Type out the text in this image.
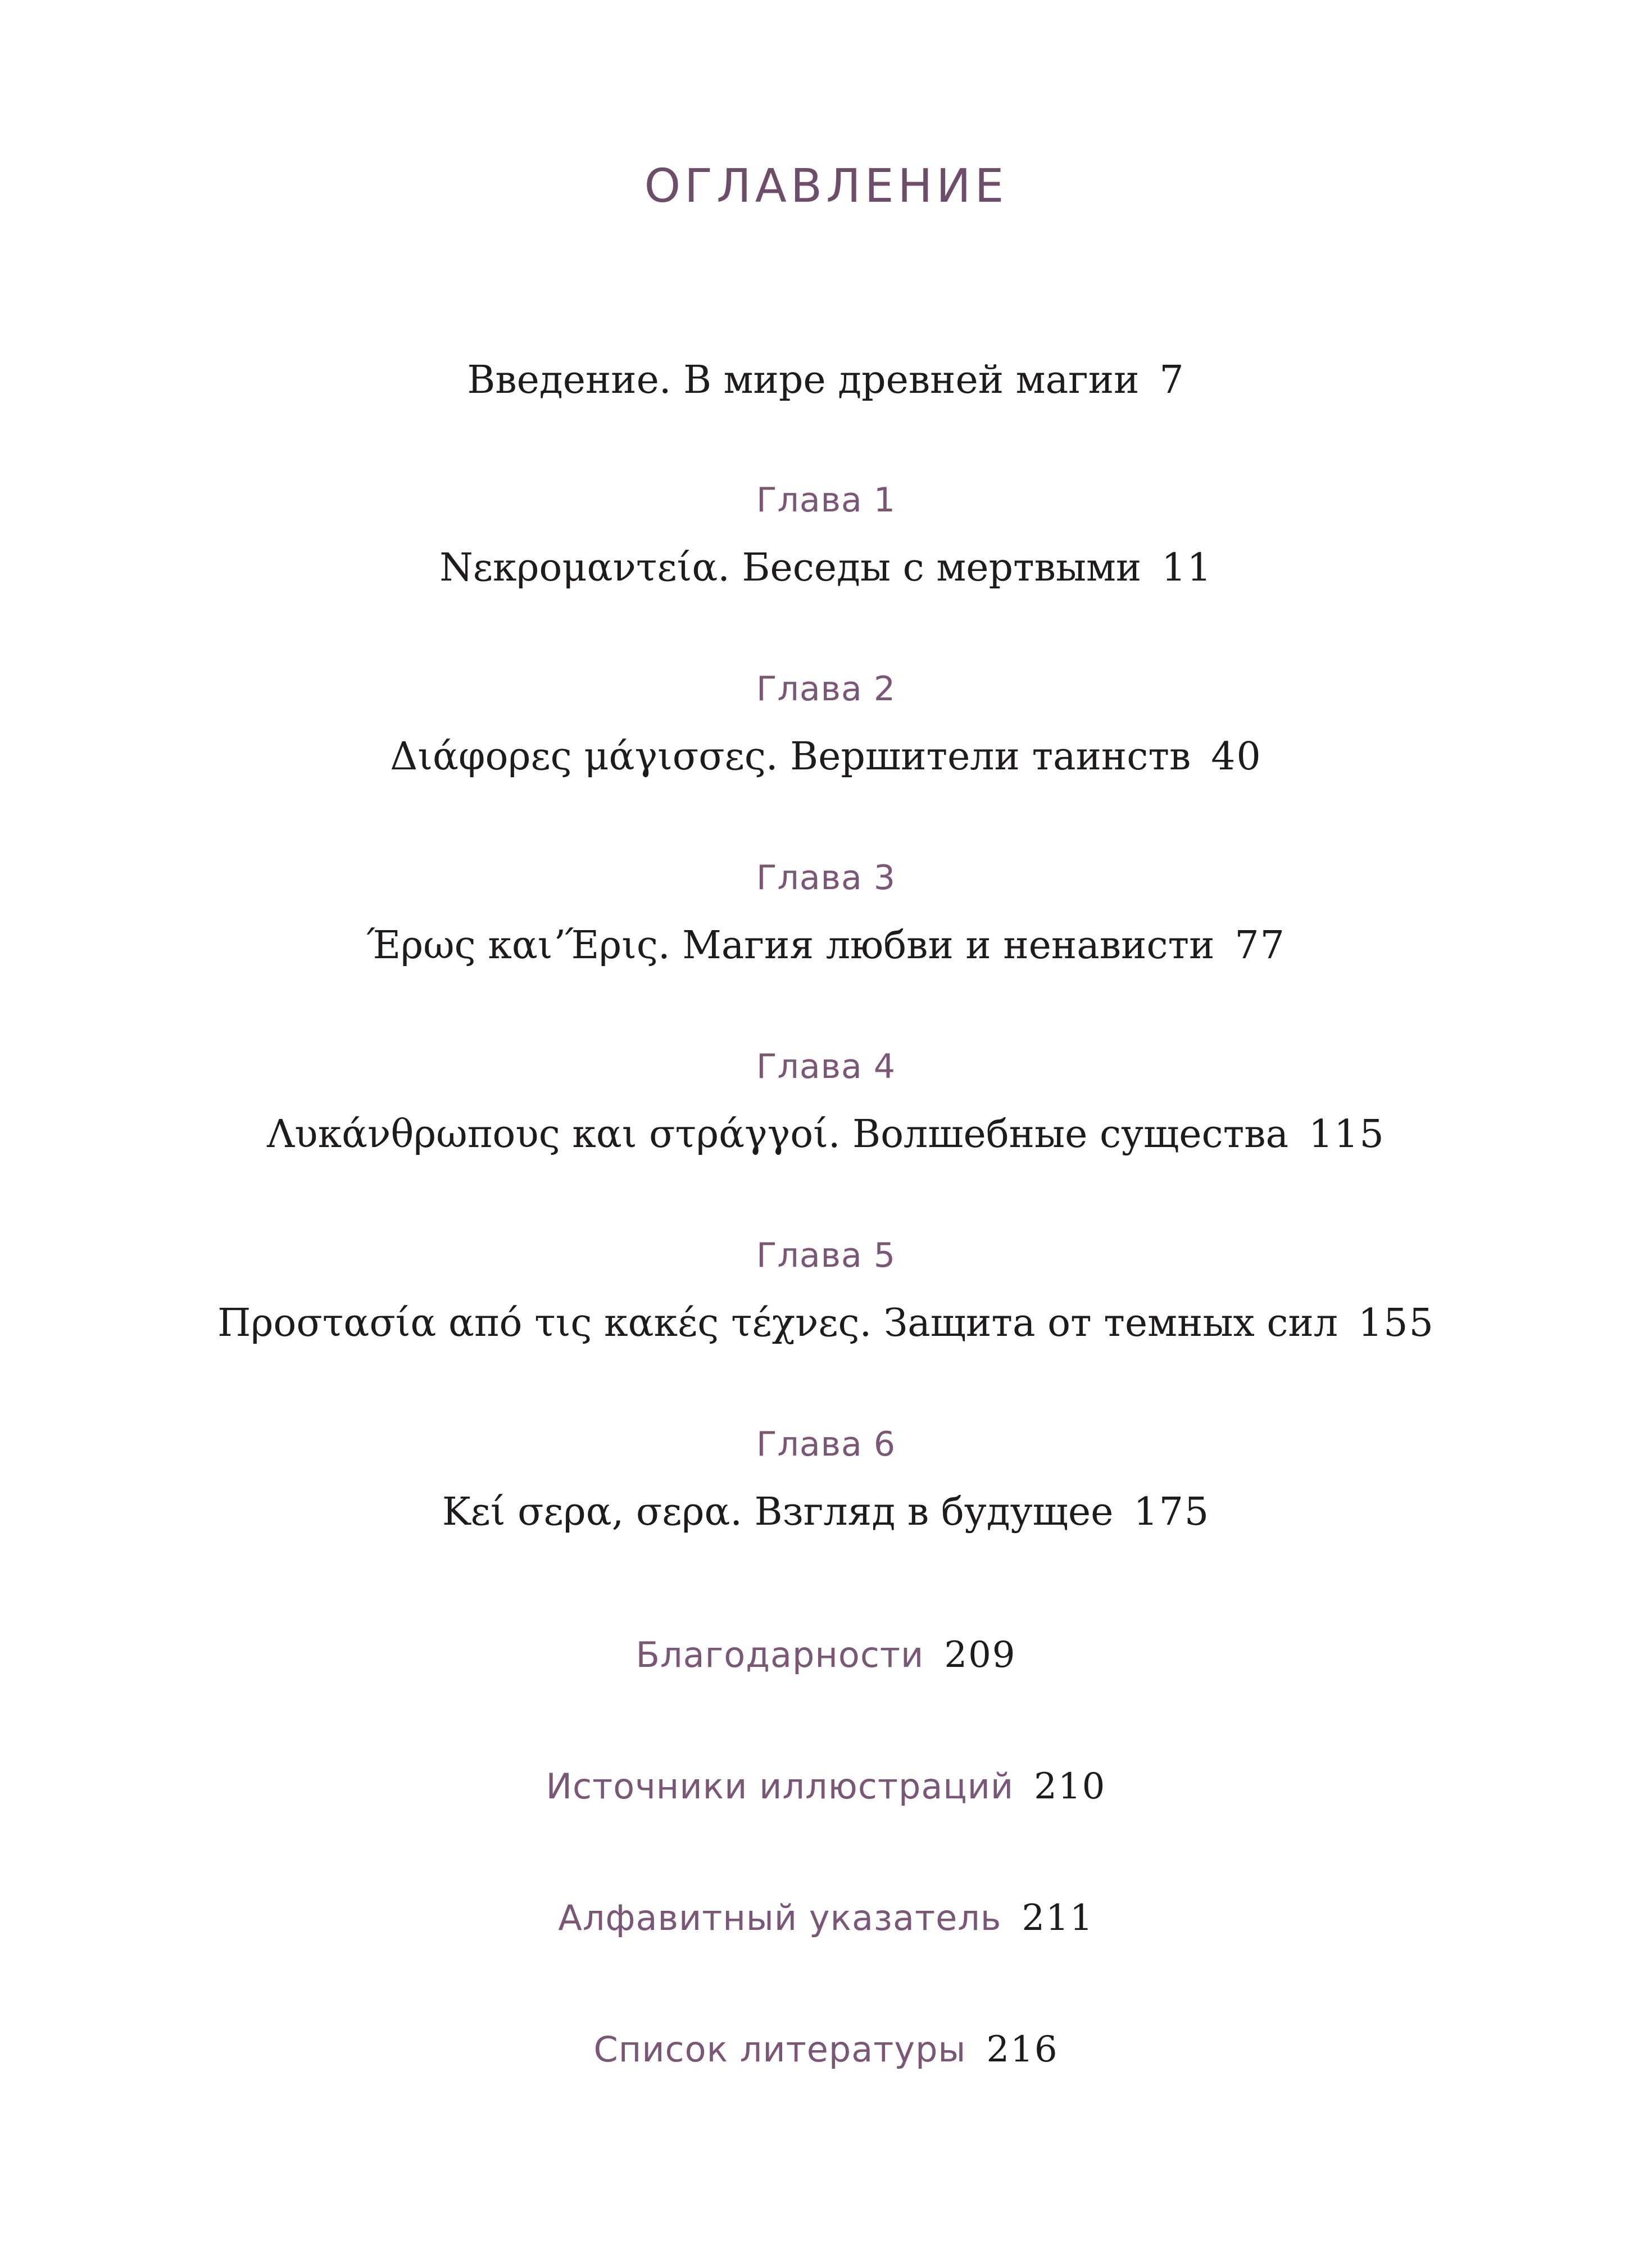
ОГЛАВЛЕНИЕ
Введение. В мире древней магии 7
Глава 1
Νεκρομαντεία. Беседы с мертвыми 11
Глава 2
Διάφορες μάγισσες. Вершители таинств 40
Глава 3
Έρως καιʼΈρις. Магия любви и ненависти 77
Глава 4
Λυκάνθρωπους και στράγγοί. Волшебные существа 115
Глава 5
Προστασία από τις κακές τέχνες. Защита от темных сил 155
Глава 6
Κεί σερα, σερα. Взгляд в будущее 175
Благодарности 209
Источники иллюстраций 210
Алфавитный указатель 211
Список литературы 216
